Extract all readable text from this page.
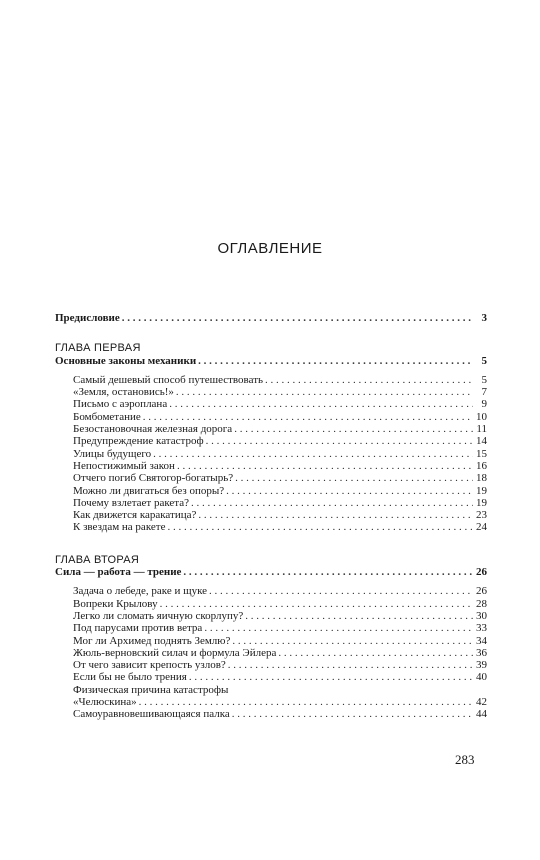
ОГЛАВЛЕНИЕ
Предисловие . . .	3
ГЛАВА ПЕРВАЯ
Основные законы механики . . .	5
Самый дешевый способ путешествовать . . .	5
«Земля, остановись!» . . .	7
Письмо с аэроплана . . .	9
Бомбометание . . .	10
Безостановочная железная дорога . . .	11
Предупреждение катастроф . . .	14
Улицы будущего . . .	15
Непостижимый закон . . .	16
Отчего погиб Святогор-богатырь? . . .	18
Можно ли двигаться без опоры? . . .	19
Почему взлетает ракета? . . .	19
Как движется каракатица? . . .	23
К звездам на ракете . . .	24
ГЛАВА ВТОРАЯ
Сила — работа — трение . . .	26
Задача о лебеде, раке и щуке . . .	26
Вопреки Крылову . . .	28
Легко ли сломать яичную скорлупу? . . .	30
Под парусами против ветра . . .	33
Мог ли Архимед поднять Землю? . . .	34
Жюль-верновский силач и формула Эйлера . . .	36
От чего зависит крепость узлов? . . .	39
Если бы не было трения . . .	40
Физическая причина катастрофы
«Челюскина» . . .	42
Самоуравновешивающаяся палка . . .	44
283
